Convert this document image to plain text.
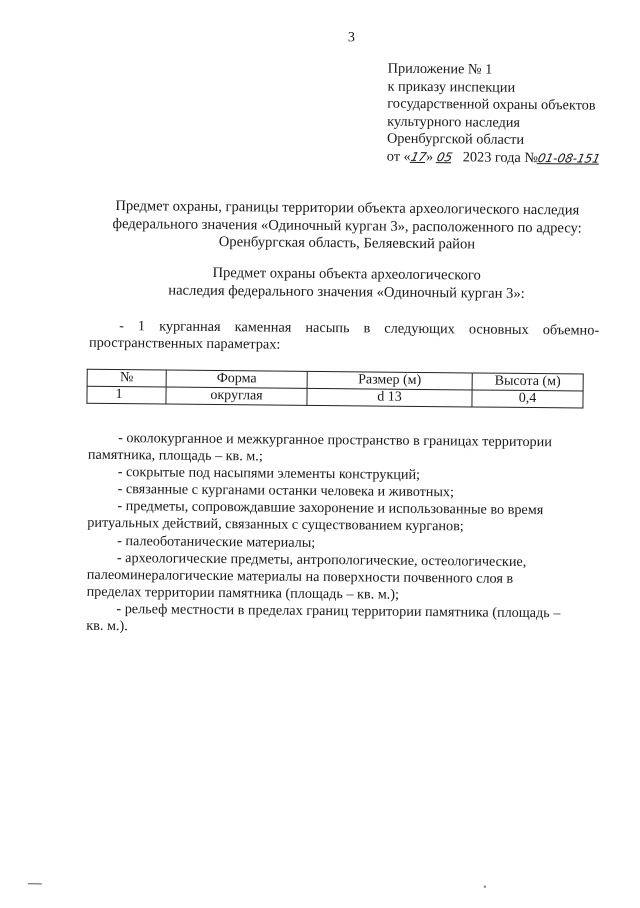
3
Приложение № 1
к приказу инспекции
государственной охраны объектов
культурного наследия
Оренбургской области
от «17» 05 2023 года №01-08-151
Предмет охраны, границы территории объекта археологического наследия
федерального значения «Одиночный курган 3», расположенного по адресу:
Оренбургская область, Беляевский район
Предмет охраны объекта археологического
наследия федерального значения «Одиночный курган 3»:
- 1 курганная каменная насыпь в следующих основных объемно-
пространственных параметрах:
№	Форма	Размер (м)	Высота (м)
1	округлая	d 13	0,4

- околокурганное и межкурганное пространство в границах территории
памятника, площадь – кв. м.;

- сокрытые под насыпями элементы конструкций;

- связанные с курганами останки человека и животных;

- предметы, сопровождавшие захоронение и использованные во время
ритуальных действий, связанных с существованием курганов;

- палеоботанические материалы;

- археологические предметы, антропологические, остеологические,
палеоминералогические материалы на поверхности почвенного слоя в
пределах территории памятника (площадь – кв. м.);

- рельеф местности в пределах границ территории памятника (площадь –
кв. м.).
